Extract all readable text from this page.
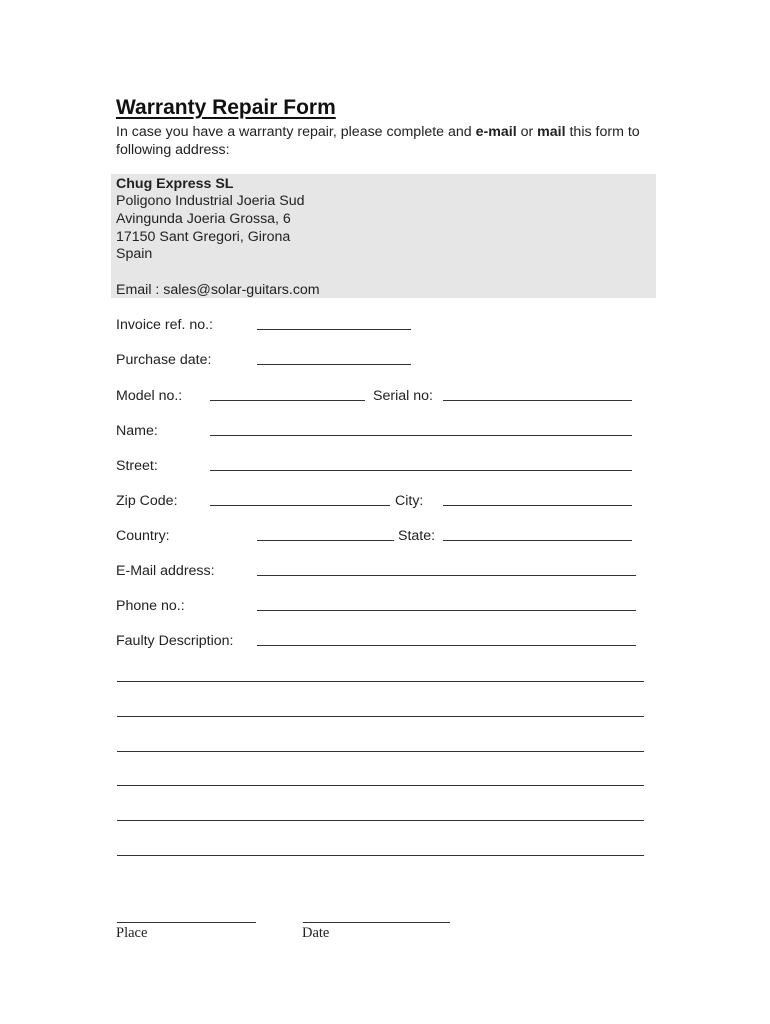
Warranty Repair Form
In case you have a warranty repair, please complete and e-mail or mail this form to following address:
Chug Express SL
Poligono Industrial Joeria Sud
Avingunda Joeria Grossa, 6
17150 Sant Gregori, Girona
Spain
Email : sales@solar-guitars.com
Invoice ref. no.:
Purchase date:
Model no.:	Serial no:
Name:
Street:
Zip Code:	City:
Country:	State:
E-Mail address:
Phone no.:
Faulty Description:
Place	Date
